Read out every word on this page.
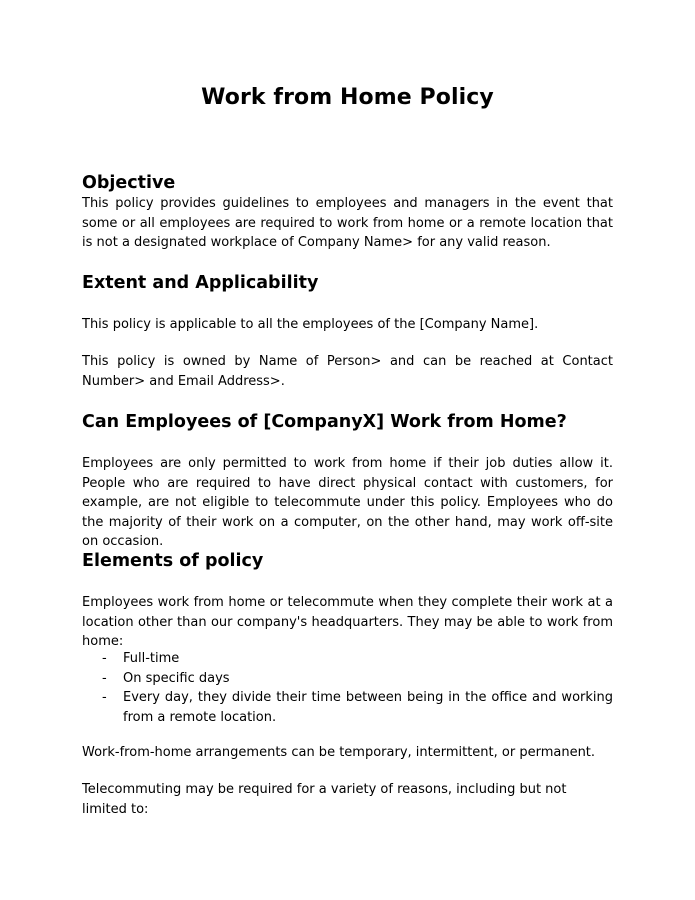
Work from Home Policy
Objective
This policy provides guidelines to employees and managers in the event that some or all employees are required to work from home or a remote location that is not a designated workplace of Company Name> for any valid reason.
Extent and Applicability
This policy is applicable to all the employees of the [Company Name].
This policy is owned by Name of Person> and can be reached at Contact Number> and Email Address>.
Can Employees of [CompanyX] Work from Home?
Employees are only permitted to work from home if their job duties allow it. People who are required to have direct physical contact with customers, for example, are not eligible to telecommute under this policy. Employees who do the majority of their work on a computer, on the other hand, may work off-site on occasion.
Elements of policy
Employees work from home or telecommute when they complete their work at a location other than our company's headquarters. They may be able to work from home:
- Full-time
- On specific days
- Every day, they divide their time between being in the office and working from a remote location.
Work-from-home arrangements can be temporary, intermittent, or permanent.
Telecommuting may be required for a variety of reasons, including but not limited to:
